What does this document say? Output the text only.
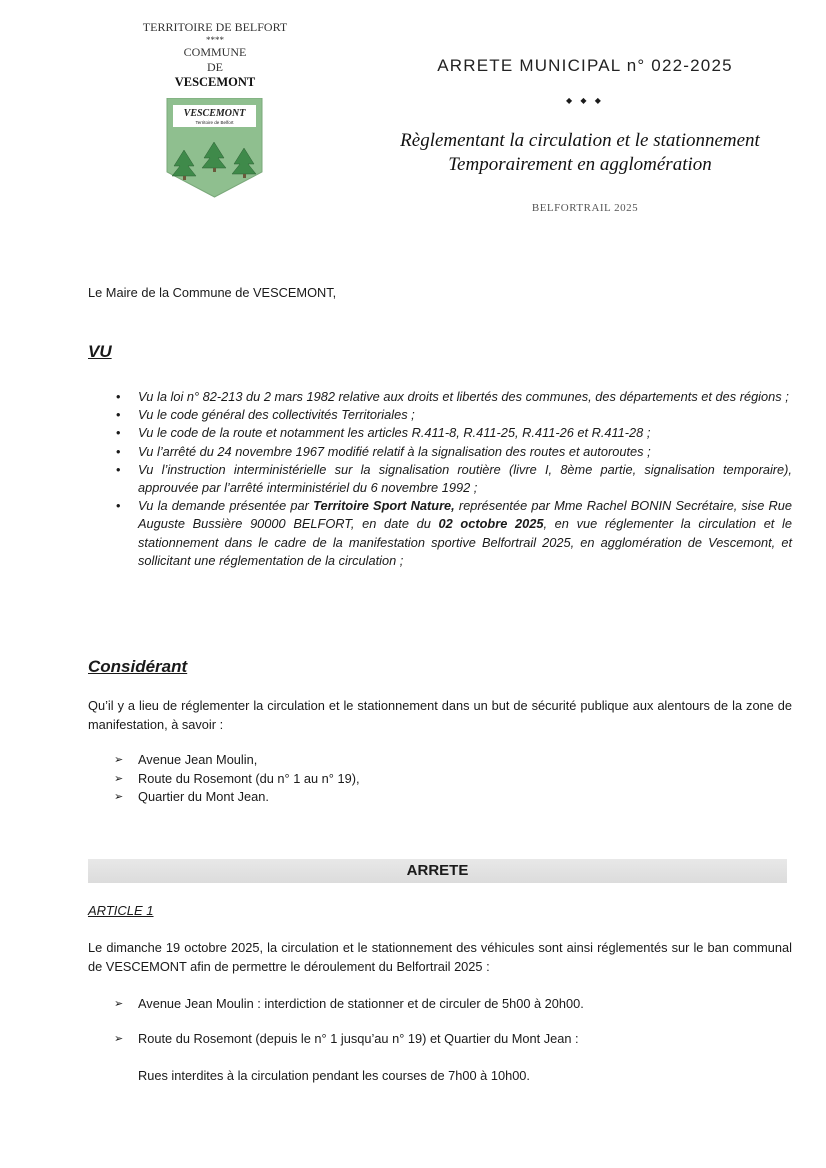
TERRITOIRE DE BELFORT
****
COMMUNE
DE
VESCEMONT
VESCEMONT
Territoire de Belfort
ARRETE MUNICIPAL n° 022-2025
◆ ◆ ◆
Règlementant la circulation et le stationnement
Temporairement en agglomération
BELFORTRAIL 2025
Le Maire de la Commune de VESCEMONT,
VU
• Vu la loi n° 82-213 du 2 mars 1982 relative aux droits et libertés des communes, des départements et des régions ;
• Vu le code général des collectivités Territoriales ;
• Vu le code de la route et notamment les articles R.411-8, R.411-25, R.411-26 et R.411-28 ;
• Vu l’arrêté du 24 novembre 1967 modifié relatif à la signalisation des routes et autoroutes ;
• Vu l’instruction interministérielle sur la signalisation routière (livre I, 8ème partie, signalisation temporaire), approuvée par l’arrêté interministériel du 6 novembre 1992 ;
• Vu la demande présentée par Territoire Sport Nature, représentée par Mme Rachel BONIN Secrétaire, sise Rue Auguste Bussière 90000 BELFORT, en date du 02 octobre 2025, en vue réglementer la circulation et le stationnement dans le cadre de la manifestation sportive Belfortrail 2025, en agglomération de Vescemont, et sollicitant une réglementation de la circulation ;
Considérant
Qu’il y a lieu de réglementer la circulation et le stationnement dans un but de sécurité publique aux alentours de la zone de manifestation, à savoir :
➢ Avenue Jean Moulin,
➢ Route du Rosemont (du n° 1 au n° 19),
➢ Quartier du Mont Jean.
ARRETE
ARTICLE 1
Le dimanche 19 octobre 2025, la circulation et le stationnement des véhicules sont ainsi réglementés sur le ban communal de VESCEMONT afin de permettre le déroulement du Belfortrail 2025 :
➢ Avenue Jean Moulin : interdiction de stationner et de circuler de 5h00 à 20h00.
➢ Route du Rosemont (depuis le n° 1 jusqu’au n° 19) et Quartier du Mont Jean :
Rues interdites à la circulation pendant les courses de 7h00 à 10h00.
